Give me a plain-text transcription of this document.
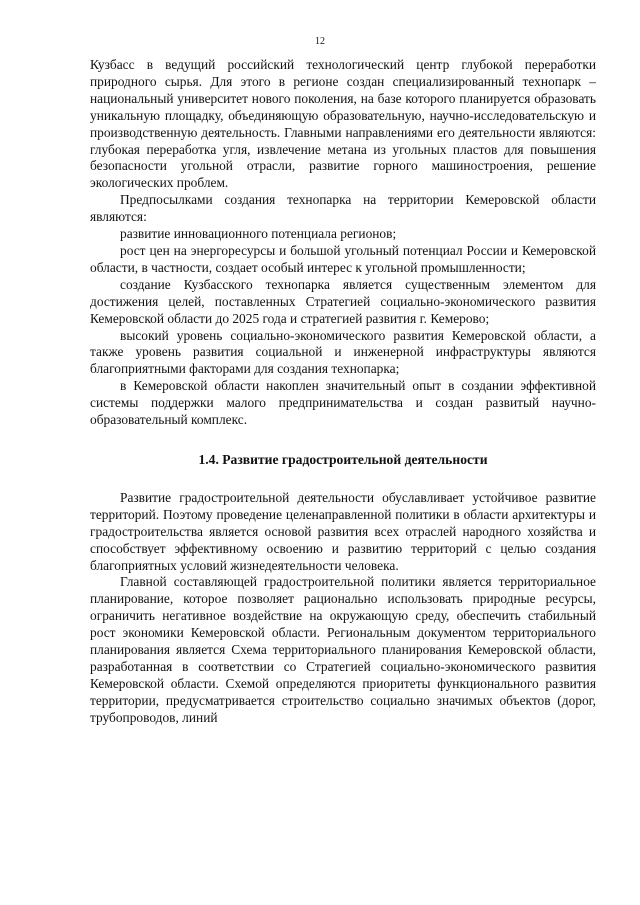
12

Кузбасс в ведущий российский технологический центр глубокой переработки природного сырья. Для этого в регионе создан специализированный технопарк – национальный университет нового поколения, на базе которого планируется образовать уникальную площадку, объединяющую образовательную, научно-исследовательскую и производственную деятельность. Главными направлениями его деятельности являются: глубокая переработка угля, извлечение метана из угольных пластов для повышения безопасности угольной отрасли, развитие горного машиностроения, решение экологических проблем.

Предпосылками создания технопарка на территории Кемеровской области являются:

развитие инновационного потенциала регионов;

рост цен на энергоресурсы и большой угольный потенциал России и Кемеровской области, в частности, создает особый интерес к угольной промышленности;

создание Кузбасского технопарка является существенным элементом для достижения целей, поставленных Стратегией социально-экономического развития Кемеровской области до 2025 года и стратегией развития г. Кемерово;

высокий уровень социально-экономического развития Кемеровской области, а также уровень развития социальной и инженерной инфраструктуры являются благоприятными факторами для создания технопарка;

в Кемеровской области накоплен значительный опыт в создании эффективной системы поддержки малого предпринимательства и создан развитый научно-образовательный комплекс.

1.4. Развитие градостроительной деятельности

Развитие градостроительной деятельности обуславливает устойчивое развитие территорий. Поэтому проведение целенаправленной политики в области архитектуры и градостроительства является основой развития всех отраслей народного хозяйства и способствует эффективному освоению и развитию территорий с целью создания благоприятных условий жизнедеятельности человека.

Главной составляющей градостроительной политики является территориальное планирование, которое позволяет рационально использовать природные ресурсы, ограничить негативное воздействие на окружающую среду, обеспечить стабильный рост экономики Кемеровской области. Региональным документом территориального планирования является Схема территориального планирования Кемеровской области, разработанная в соответствии со Стратегией социально-экономического развития Кемеровской области. Схемой определяются приоритеты функционального развития территории, предусматривается строительство социально значимых объектов (дорог, трубопроводов, линий
